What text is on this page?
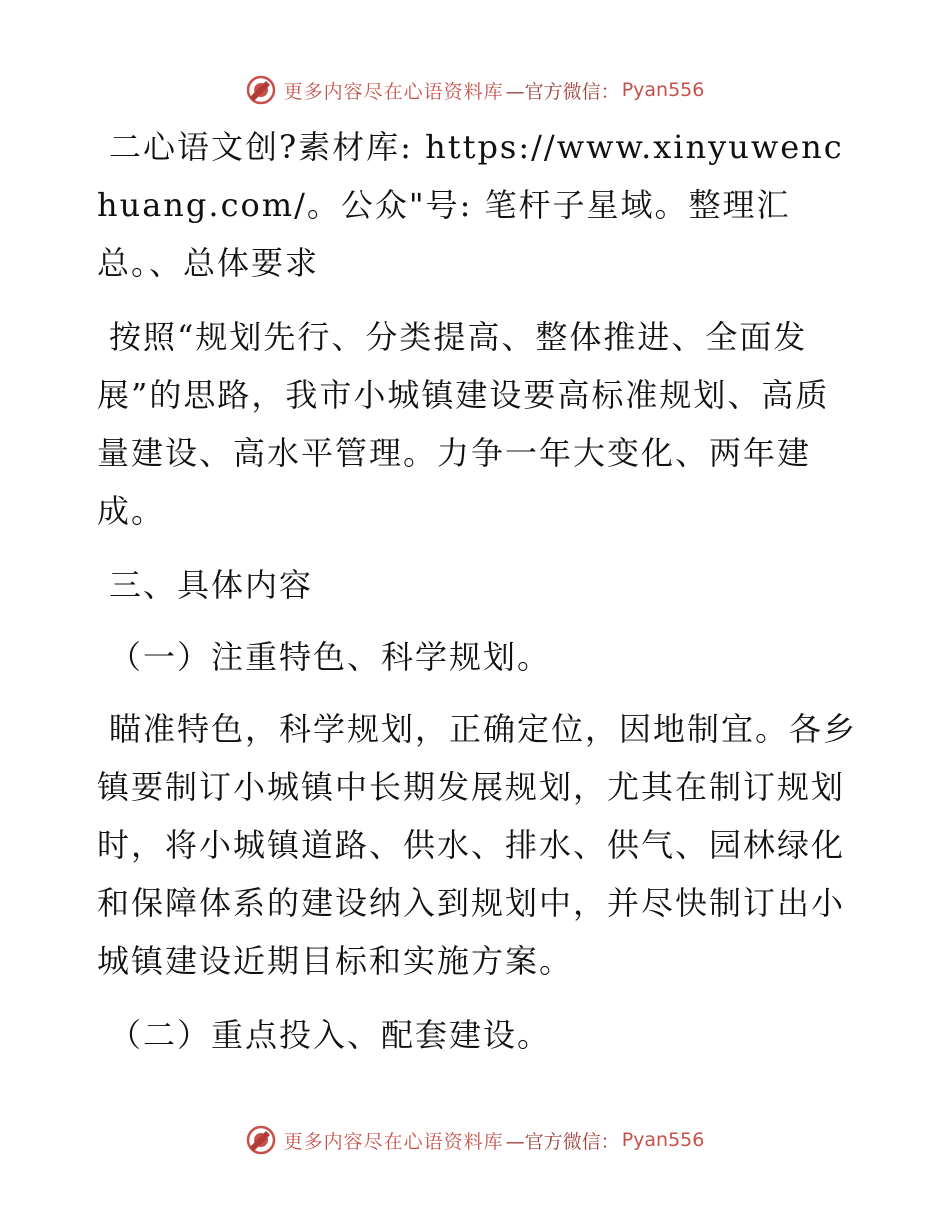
更多内容尽在心语资料库 —官方微信： Pyan556

二心语文创?素材库: https://www.xinyuwenchuang.com/。公众"号: 笔杆子星域。整理汇总。、总体要求

按照“规划先行、分类提高、整体推进、全面发展”的思路，我市小城镇建设要高标准规划、高质量建设、高水平管理。力争一年大变化、两年建成。

三、具体内容

（一）注重特色、科学规划。

瞄准特色，科学规划，正确定位，因地制宜。各乡镇要制订小城镇中长期发展规划，尤其在制订规划时，将小城镇道路、供水、排水、供气、园林绿化和保障体系的建设纳入到规划中，并尽快制订出小城镇建设近期目标和实施方案。

（二）重点投入、配套建设。

更多内容尽在心语资料库 —官方微信： Pyan556
